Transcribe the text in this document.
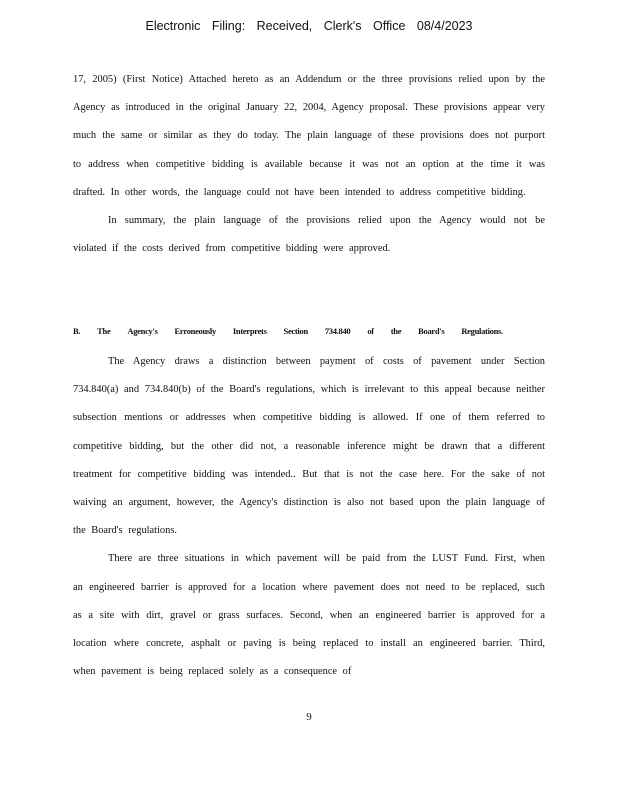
Electronic Filing: Received, Clerk's Office 08/4/2023

17, 2005) (First Notice) Attached hereto as an Addendum or the three provisions relied upon by the Agency as introduced in the original January 22, 2004, Agency proposal. These provisions appear very much the same or similar as they do today. The plain language of these provisions does not purport to address when competitive bidding is available because it was not an option at the time it was drafted. In other words, the language could not have been intended to address competitive bidding.

In summary, the plain language of the provisions relied upon the Agency would not be violated if the costs derived from competitive bidding were approved.

B. The Agency's Erroneously Interprets Section 734.840 of the Board's Regulations.

The Agency draws a distinction between payment of costs of pavement under Section 734.840(a) and 734.840(b) of the Board's regulations, which is irrelevant to this appeal because neither subsection mentions or addresses when competitive bidding is allowed. If one of them referred to competitive bidding, but the other did not, a reasonable inference might be drawn that a different treatment for competitive bidding was intended.. But that is not the case here. For the sake of not waiving an argument, however, the Agency's distinction is also not based upon the plain language of the Board's regulations.

There are three situations in which pavement will be paid from the LUST Fund. First, when an engineered barrier is approved for a location where pavement does not need to be replaced, such as a site with dirt, gravel or grass surfaces. Second, when an engineered barrier is approved for a location where concrete, asphalt or paving is being replaced to install an engineered barrier. Third, when pavement is being replaced solely as a consequence of

9
